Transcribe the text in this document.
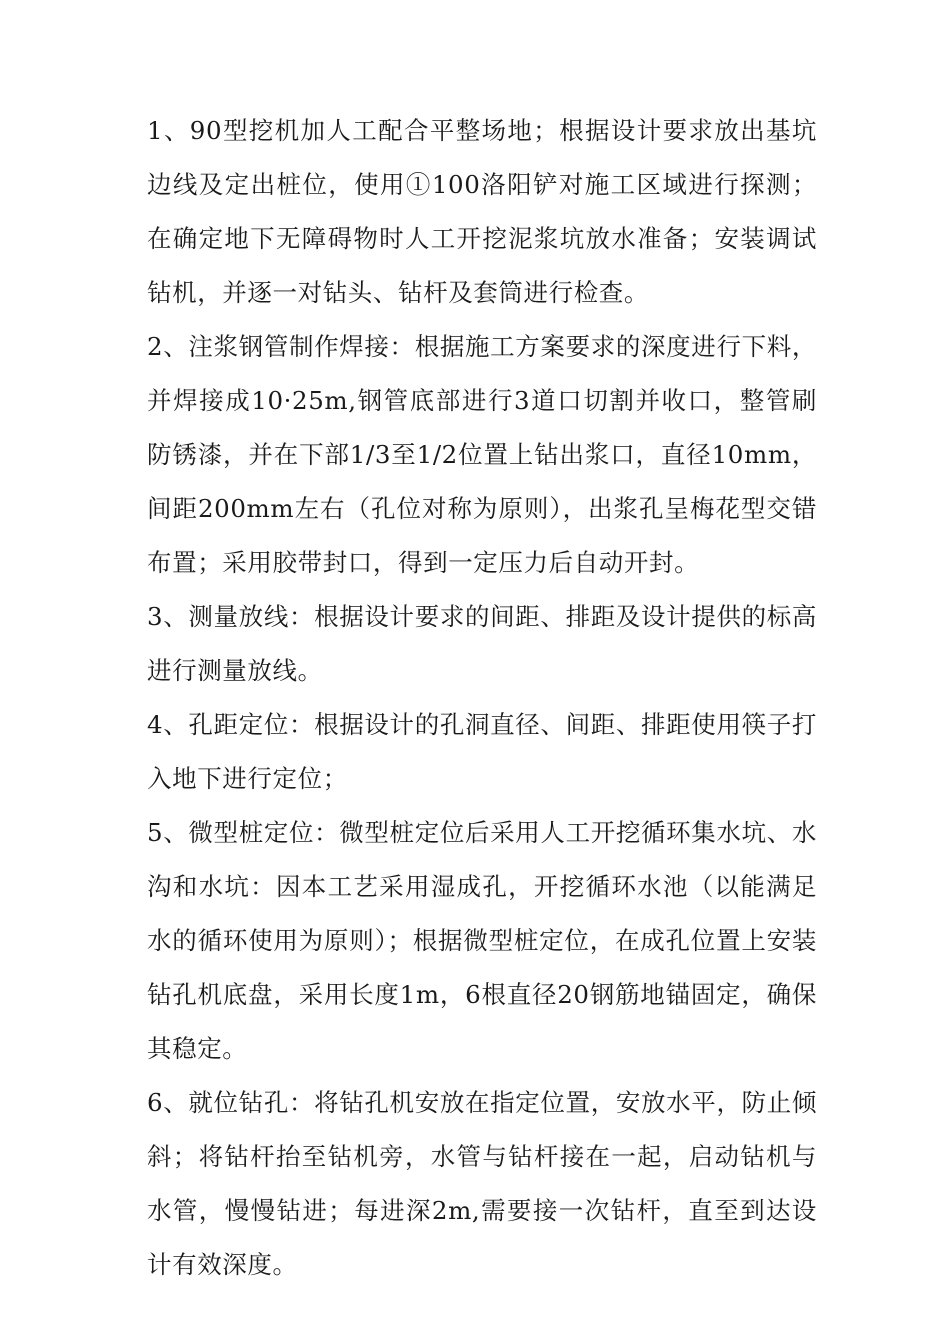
1、90型挖机加人工配合平整场地；根据设计要求放出基坑边线及定出桩位，使用①100洛阳铲对施工区域进行探测；在确定地下无障碍物时人工开挖泥浆坑放水准备；安装调试钻机，并逐一对钻头、钻杆及套筒进行检查。

2、注浆钢管制作焊接：根据施工方案要求的深度进行下料，并焊接成10·25m,钢管底部进行3道口切割并收口，整管刷防锈漆，并在下部1/3至1/2位置上钻出浆口，直径10mm，间距200mm左右（孔位对称为原则），出浆孔呈梅花型交错布置；采用胶带封口，得到一定压力后自动开封。

3、测量放线：根据设计要求的间距、排距及设计提供的标高进行测量放线。

4、孔距定位：根据设计的孔洞直径、间距、排距使用筷子打入地下进行定位；

5、微型桩定位：微型桩定位后采用人工开挖循环集水坑、水沟和水坑：因本工艺采用湿成孔，开挖循环水池（以能满足水的循环使用为原则）；根据微型桩定位，在成孔位置上安装钻孔机底盘，采用长度1m，6根直径20钢筋地锚固定，确保其稳定。

6、就位钻孔：将钻孔机安放在指定位置，安放水平，防止倾斜；将钻杆抬至钻机旁，水管与钻杆接在一起，启动钻机与水管，慢慢钻进；每进深2m,需要接一次钻杆，直至到达设计有效深度。
